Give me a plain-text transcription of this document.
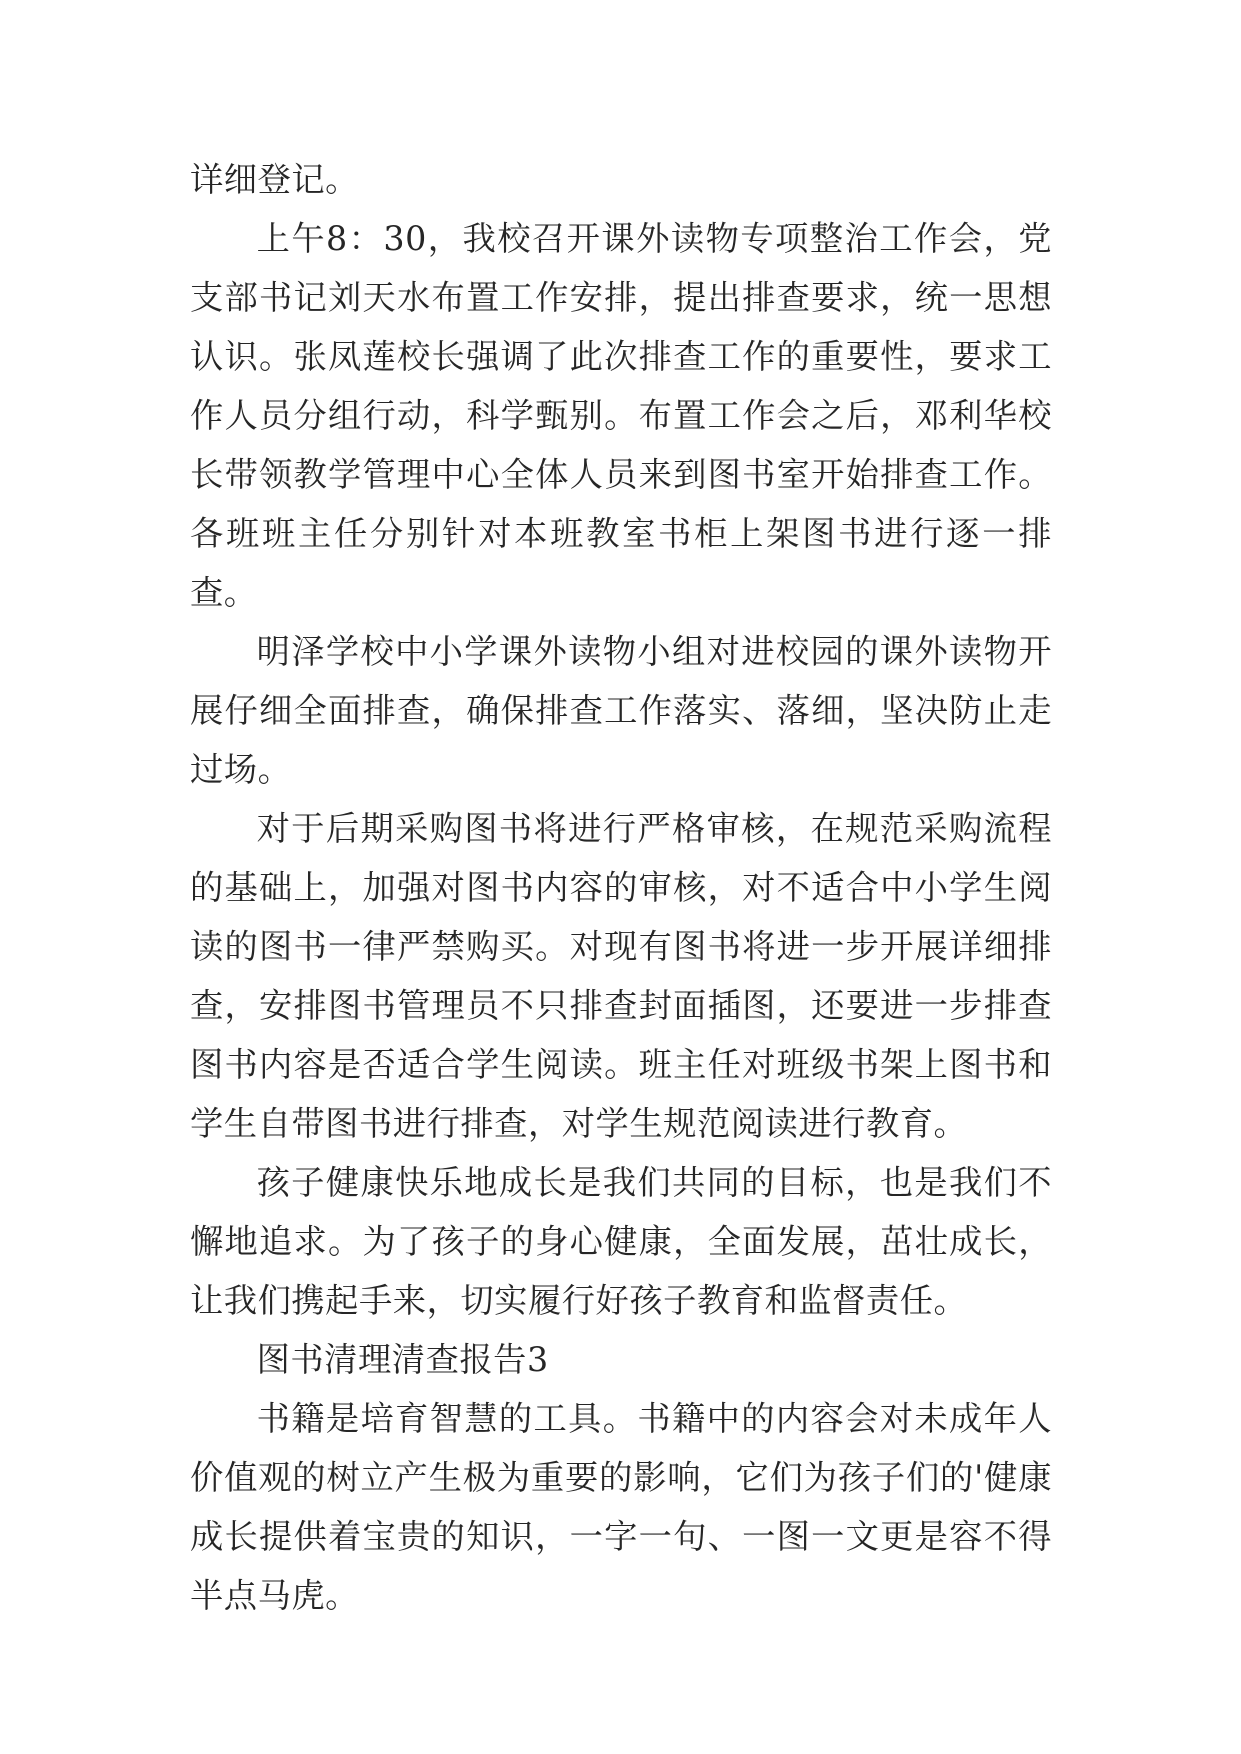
详细登记。

上午8：30，我校召开课外读物专项整治工作会，党支部书记刘天水布置工作安排，提出排查要求，统一思想认识。张凤莲校长强调了此次排查工作的重要性，要求工作人员分组行动，科学甄别。布置工作会之后，邓利华校长带领教学管理中心全体人员来到图书室开始排查工作。各班班主任分别针对本班教室书柜上架图书进行逐一排查。

明泽学校中小学课外读物小组对进校园的课外读物开展仔细全面排查，确保排查工作落实、落细，坚决防止走过场。

对于后期采购图书将进行严格审核，在规范采购流程的基础上，加强对图书内容的审核，对不适合中小学生阅读的图书一律严禁购买。对现有图书将进一步开展详细排查，安排图书管理员不只排查封面插图，还要进一步排查图书内容是否适合学生阅读。班主任对班级书架上图书和学生自带图书进行排查，对学生规范阅读进行教育。

孩子健康快乐地成长是我们共同的目标，也是我们不懈地追求。为了孩子的身心健康，全面发展，茁壮成长，让我们携起手来，切实履行好孩子教育和监督责任。

图书清理清查报告3

书籍是培育智慧的工具。书籍中的内容会对未成年人价值观的树立产生极为重要的影响，它们为孩子们的'健康成长提供着宝贵的知识，一字一句、一图一文更是容不得半点马虎。
